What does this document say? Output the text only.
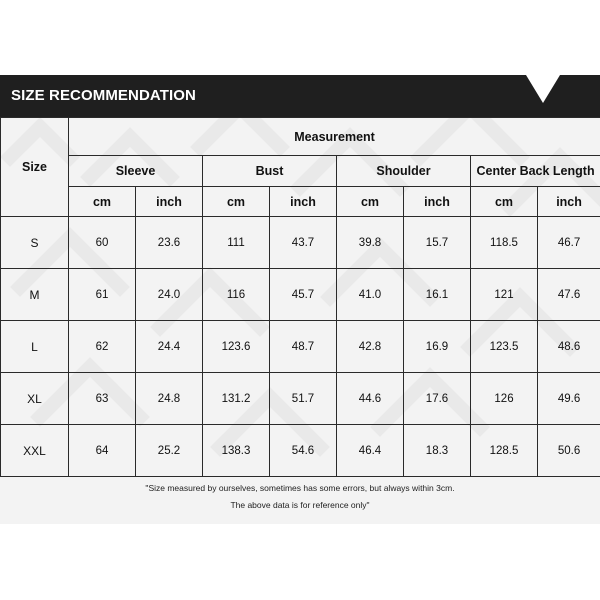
SIZE RECOMMENDATION
Size	Measurement							
	Sleeve		Bust		Shoulder		Center Back Length	
	cm	inch	cm	inch	cm	inch	cm	inch
S	60	23.6	111	43.7	39.8	15.7	118.5	46.7
M	61	24.0	116	45.7	41.0	16.1	121	47.6
L	62	24.4	123.6	48.7	42.8	16.9	123.5	48.6
XL	63	24.8	131.2	51.7	44.6	17.6	126	49.6
XXL	64	25.2	138.3	54.6	46.4	18.3	128.5	50.6
"Size measured by ourselves, sometimes has some errors, but always within 3cm.
The above data is for reference only"
